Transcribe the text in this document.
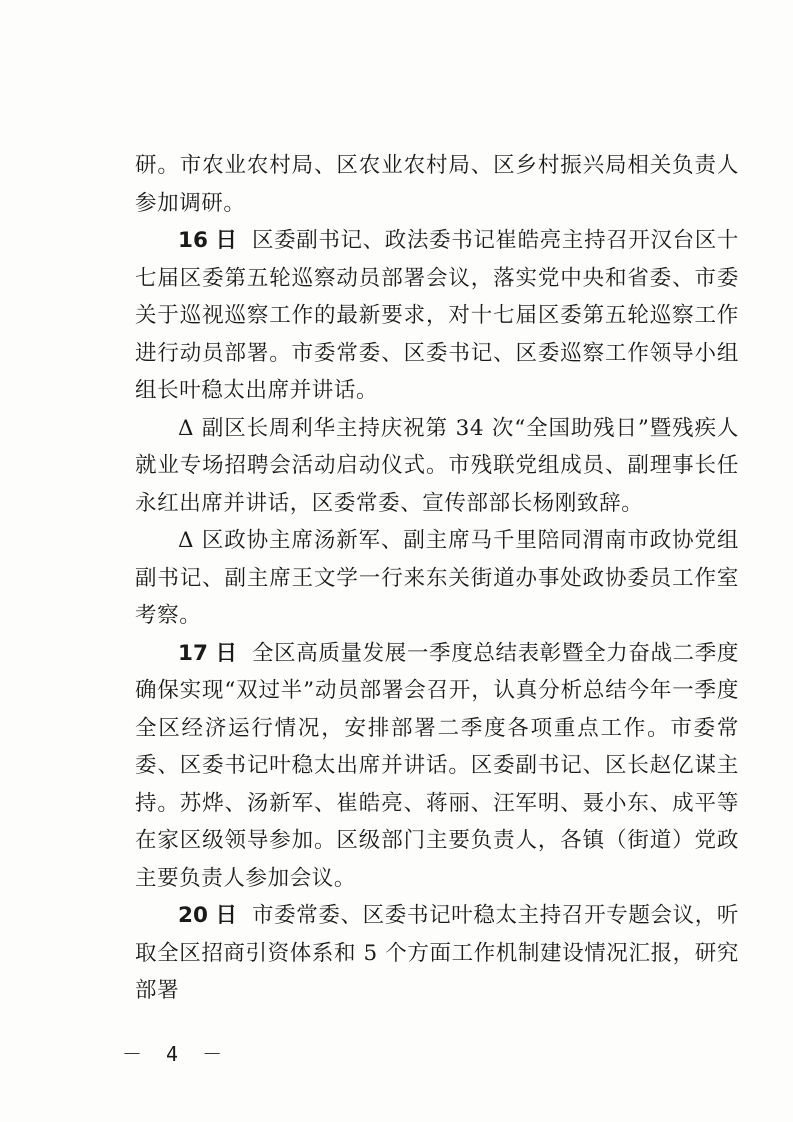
研。市农业农村局、区农业农村局、区乡村振兴局相关负责人参加调研。

16 日 区委副书记、政法委书记崔皓亮主持召开汉台区十七届区委第五轮巡察动员部署会议，落实党中央和省委、市委关于巡视巡察工作的最新要求，对十七届区委第五轮巡察工作进行动员部署。市委常委、区委书记、区委巡察工作领导小组组长叶稳太出席并讲话。

Δ 副区长周利华主持庆祝第 34 次“全国助残日”暨残疾人就业专场招聘会活动启动仪式。市残联党组成员、副理事长任永红出席并讲话，区委常委、宣传部部长杨刚致辞。

Δ 区政协主席汤新军、副主席马千里陪同渭南市政协党组副书记、副主席王文学一行来东关街道办事处政协委员工作室考察。

17 日 全区高质量发展一季度总结表彰暨全力奋战二季度确保实现“双过半”动员部署会召开，认真分析总结今年一季度全区经济运行情况，安排部署二季度各项重点工作。市委常委、区委书记叶稳太出席并讲话。区委副书记、区长赵亿谋主持。苏烨、汤新军、崔皓亮、蒋丽、汪军明、聂小东、成平等在家区级领导参加。区级部门主要负责人，各镇（街道）党政主要负责人参加会议。

20 日 市委常委、区委书记叶稳太主持召开专题会议，听取全区招商引资体系和 5 个方面工作机制建设情况汇报，研究部署

－ 4 －
